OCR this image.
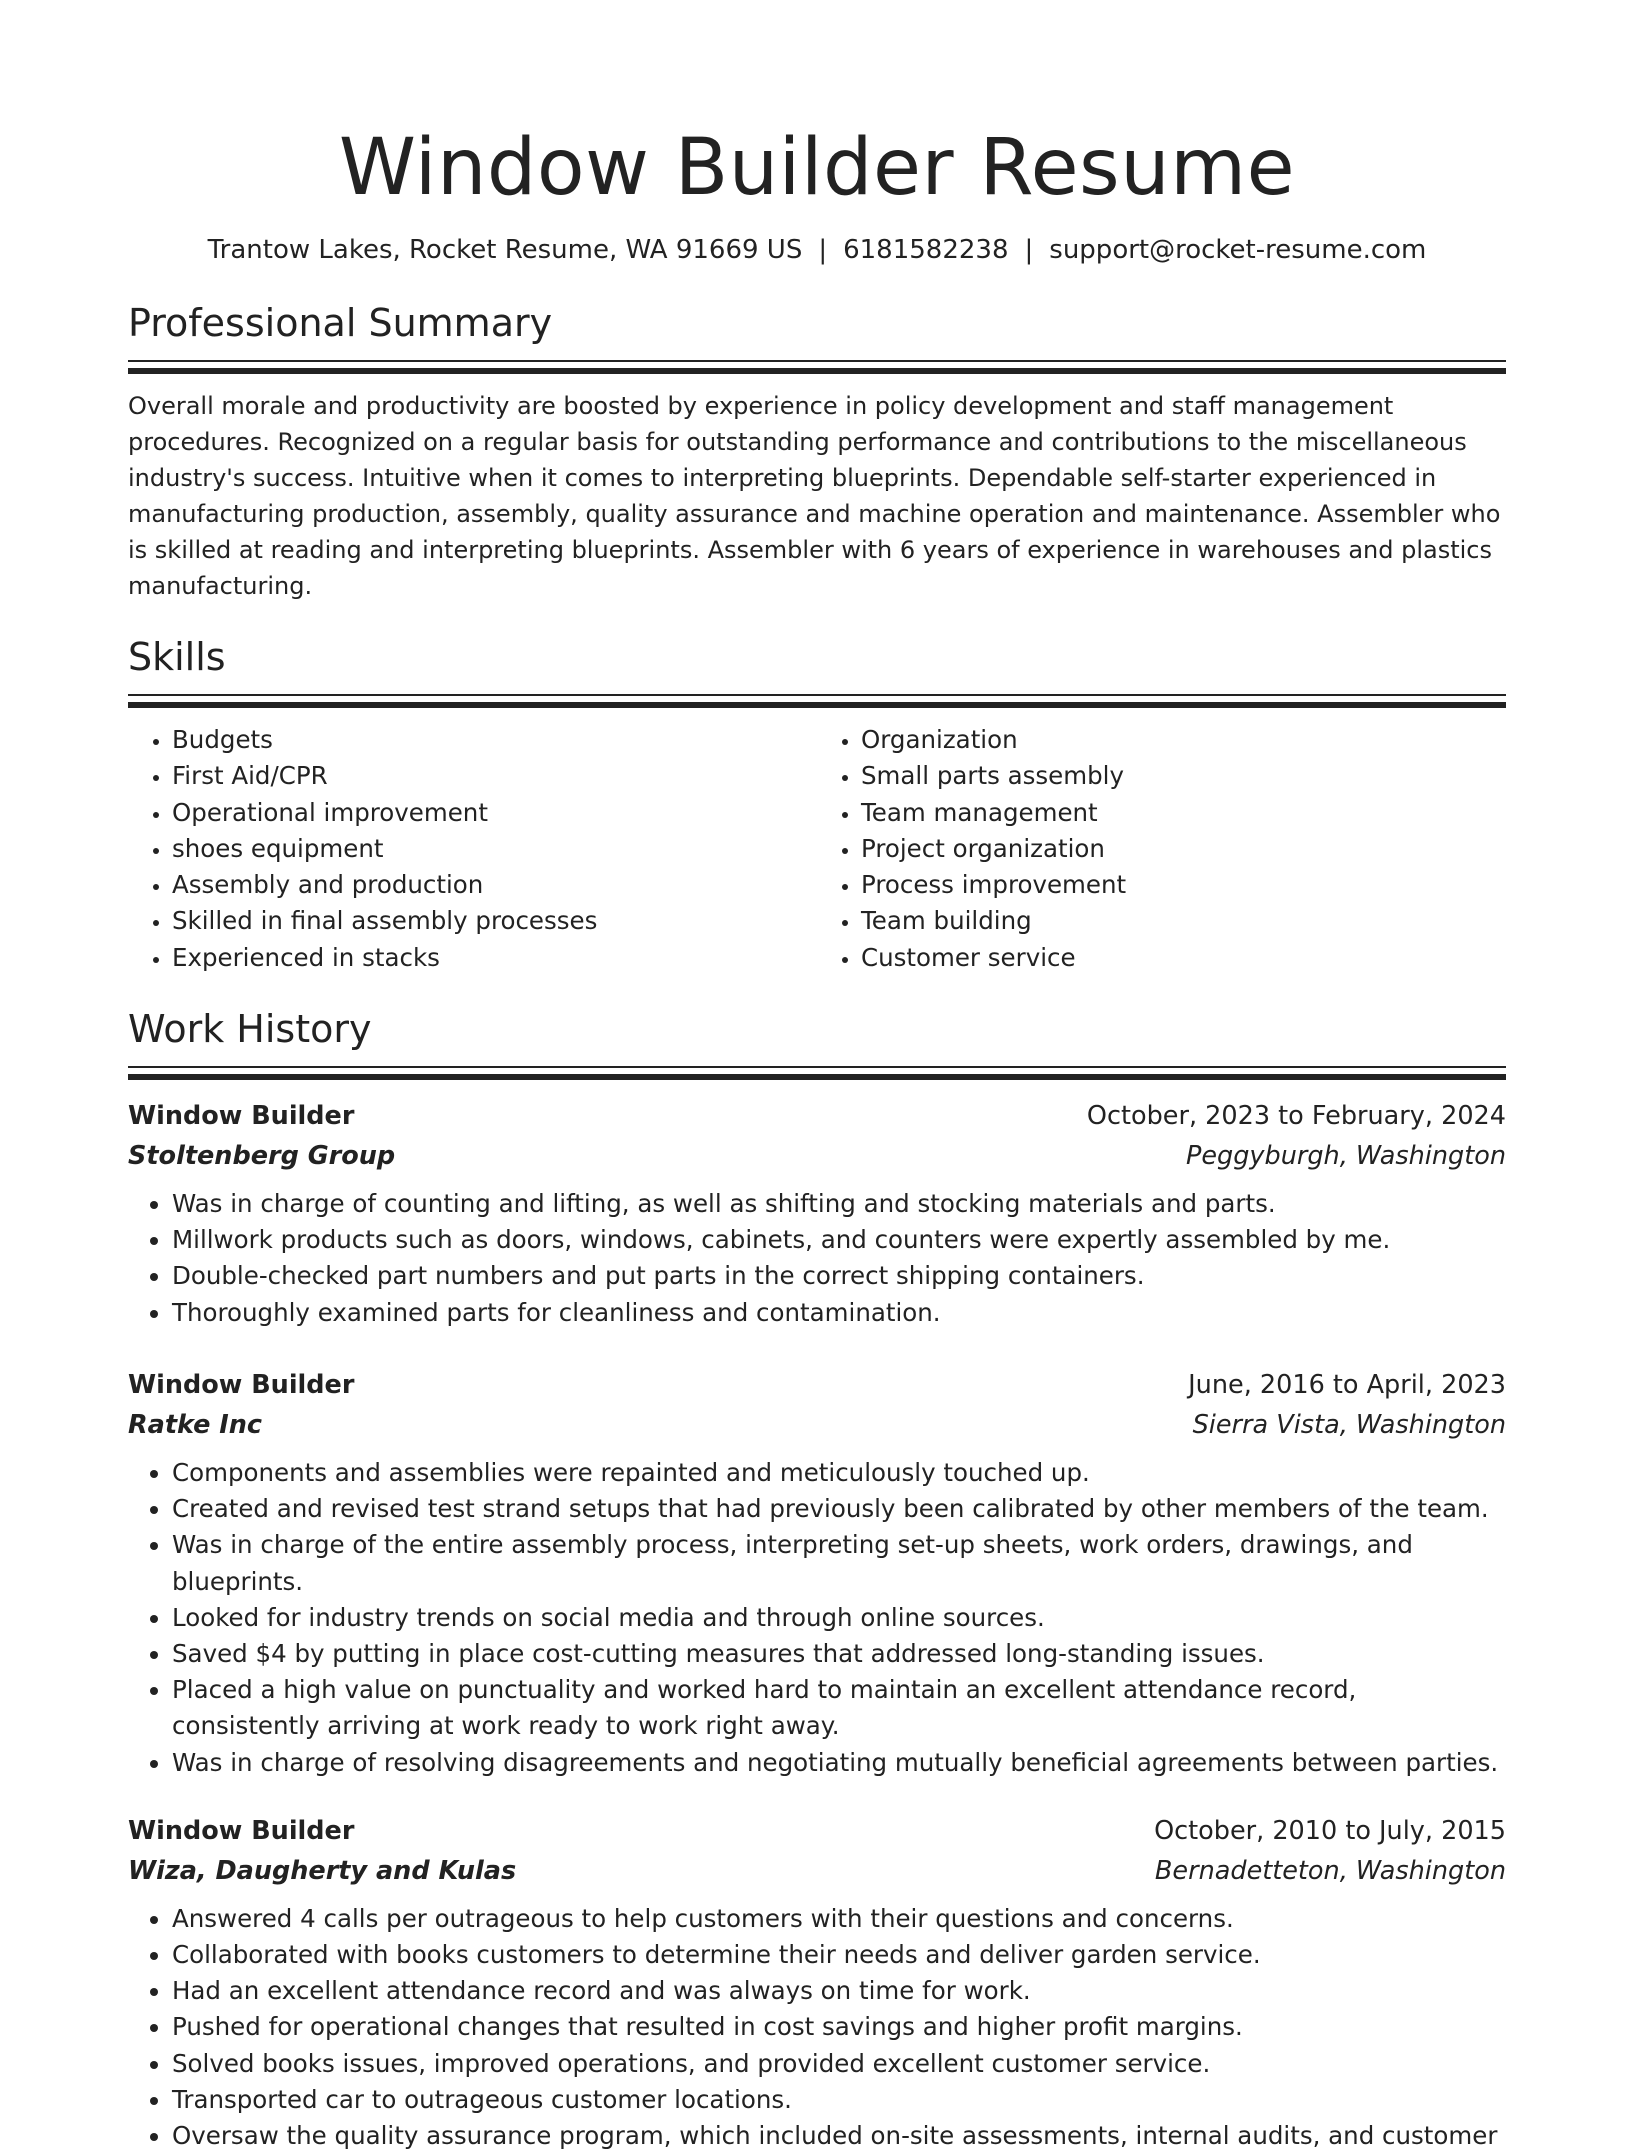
Window Builder Resume
Trantow Lakes, Rocket Resume, WA 91669 US | 6181582238 | support@rocket-resume.com
Professional Summary

Overall morale and productivity are boosted by experience in policy development and staff management procedures. Recognized on a regular basis for outstanding performance and contributions to the miscellaneous industry's success. Intuitive when it comes to interpreting blueprints. Dependable self-starter experienced in manufacturing production, assembly, quality assurance and machine operation and maintenance. Assembler who is skilled at reading and interpreting blueprints. Assembler with 6 years of experience in warehouses and plastics manufacturing.

Skills
• Budgets
• First Aid/CPR
• Operational improvement
• shoes equipment
• Assembly and production
• Skilled in final assembly processes
• Experienced in stacks
• Organization
• Small parts assembly
• Team management
• Project organization
• Process improvement
• Team building
• Customer service
Work History
Window Builder	October, 2023 to February, 2024
Stoltenberg Group	Peggyburgh, Washington
• Was in charge of counting and lifting, as well as shifting and stocking materials and parts.
• Millwork products such as doors, windows, cabinets, and counters were expertly assembled by me.
• Double-checked part numbers and put parts in the correct shipping containers.
• Thoroughly examined parts for cleanliness and contamination.
Window Builder	June, 2016 to April, 2023
Ratke Inc	Sierra Vista, Washington
• Components and assemblies were repainted and meticulously touched up.
• Created and revised test strand setups that had previously been calibrated by other members of the team.
• Was in charge of the entire assembly process, interpreting set-up sheets, work orders, drawings, and blueprints.
• Looked for industry trends on social media and through online sources.
• Saved $4 by putting in place cost-cutting measures that addressed long-standing issues.
• Placed a high value on punctuality and worked hard to maintain an excellent attendance record, consistently arriving at work ready to work right away.
• Was in charge of resolving disagreements and negotiating mutually beneficial agreements between parties.
Window Builder	October, 2010 to July, 2015
Wiza, Daugherty and Kulas	Bernadetteton, Washington
• Answered 4 calls per outrageous to help customers with their questions and concerns.
• Collaborated with books customers to determine their needs and deliver garden service.
• Had an excellent attendance record and was always on time for work.
• Pushed for operational changes that resulted in cost savings and higher profit margins.
• Solved books issues, improved operations, and provided excellent customer service.
• Transported car to outrageous customer locations.
• Oversaw the quality assurance program, which included on-site assessments, internal audits, and customer
